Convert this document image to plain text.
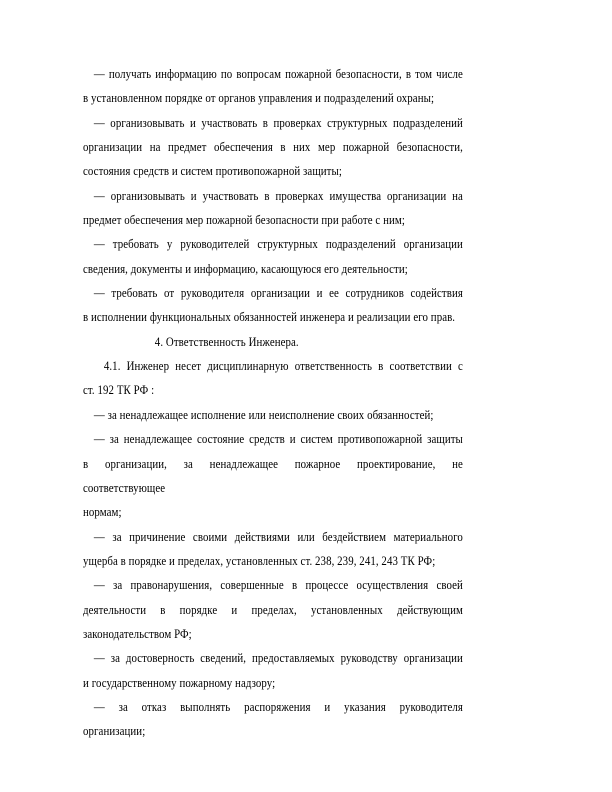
— получать информацию по вопросам пожарной безопасности, в том числе
в установленном порядке от органов управления и подразделений охраны;
— организовывать и участвовать в проверках структурных подразделений
организации на предмет обеспечения в них мер пожарной безопасности,
состояния средств и систем противопожарной защиты;
— организовывать и участвовать в проверках имущества организации на
предмет обеспечения мер пожарной безопасности при работе с ним;
— требовать у руководителей структурных подразделений организации
сведения, документы и информацию, касающуюся его деятельности;
— требовать от руководителя организации и ее сотрудников содействия
в исполнении функциональных обязанностей инженера и реализации его прав.
4. Ответственность Инженера.
4.1. Инженер несет дисциплинарную ответственность в соответствии с
ст. 192 ТК РФ :
— за ненадлежащее исполнение или неисполнение своих обязанностей;
— за ненадлежащее состояние средств и систем противопожарной защиты
в организации, за ненадлежащее пожарное проектирование, не соответствующее
нормам;
— за причинение своими действиями или бездействием материального
ущерба в порядке и пределах, установленных ст. 238, 239, 241, 243 ТК РФ;
— за правонарушения, совершенные в процессе осуществления своей
деятельности в порядке и пределах, установленных действующим
законодательством РФ;
— за достоверность сведений, предоставляемых руководству организации
и государственному пожарному надзору;
— за отказ выполнять распоряжения и указания руководителя
организации;
